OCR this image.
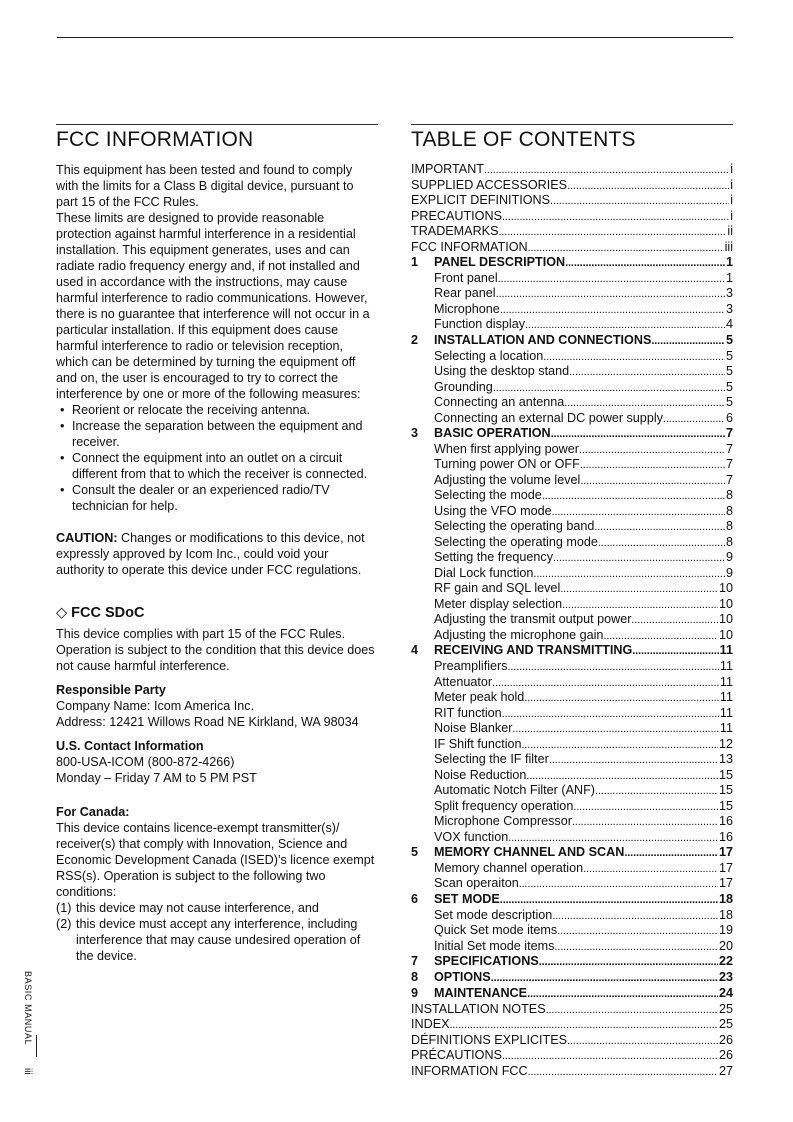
FCC INFORMATION

This equipment has been tested and found to comply with the limits for a Class B digital device, pursuant to part 15 of the FCC Rules.

These limits are designed to provide reasonable protection against harmful interference in a residential installation. This equipment generates, uses and can radiate radio frequency energy and, if not installed and used in accordance with the instructions, may cause harmful interference to radio communications. However, there is no guarantee that interference will not occur in a particular installation. If this equipment does cause harmful interference to radio or television reception, which can be determined by turning the equipment off and on, the user is encouraged to try to correct the interference by one or more of the following measures:

• Reorient or relocate the receiving antenna.
• Increase the separation between the equipment and receiver.
• Connect the equipment into an outlet on a circuit different from that to which the receiver is connected.
• Consult the dealer or an experienced radio/TV technician for help.

CAUTION: Changes or modifications to this device, not expressly approved by Icom Inc., could void your authority to operate this device under FCC regulations.

◇ FCC SDoC

This device complies with part 15 of the FCC Rules. Operation is subject to the condition that this device does not cause harmful interference.

Responsible Party

Company Name: Icom America Inc.

Address: 12421 Willows Road NE Kirkland, WA 98034

U.S. Contact Information

800-USA-ICOM (800-872-4266)

Monday – Friday 7 AM to 5 PM PST

For Canada:

This device contains licence-exempt transmitter(s)/ receiver(s) that comply with Innovation, Science and Economic Development Canada (ISED)’s licence exempt RSS(s). Operation is subject to the following two conditions:

(1) this device may not cause interference, and
(2) this device must accept any interference, including interference that may cause undesired operation of the device.
TABLE OF CONTENTS
IMPORTANT . . .	i
SUPPLIED ACCESSORIES . . .	i
EXPLICIT DEFINITIONS . . .	i
PRECAUTIONS . . .	i
TRADEMARKS . . .	ii
FCC INFORMATION . . .	iii
1	PANEL DESCRIPTION . . .	1
Front panel . . .	1
Rear panel . . .	3
Microphone . . .	3
Function display . . .	4
2	INSTALLATION AND CONNECTIONS . . .	5
Selecting a location . . .	5
Using the desktop stand . . .	5
Grounding . . .	5
Connecting an antenna . . .	5
Connecting an external DC power supply . . .	6
3	BASIC OPERATION . . .	7
When first applying power . . .	7
Turning power ON or OFF . . .	7
Adjusting the volume level . . .	7
Selecting the mode . . .	8
Using the VFO mode . . .	8
Selecting the operating band . . .	8
Selecting the operating mode . . .	8
Setting the frequency . . .	9
Dial Lock function . . .	9
RF gain and SQL level . . .	10
Meter display selection . . .	10
Adjusting the transmit output power . . .	10
Adjusting the microphone gain . . .	10
4	RECEIVING AND TRANSMITTING . . .	11
Preamplifiers . . .	11
Attenuator . . .	11
Meter peak hold . . .	11
RIT function . . .	11
Noise Blanker . . .	11
IF Shift function . . .	12
Selecting the IF filter . . .	13
Noise Reduction . . .	15
Automatic Notch Filter (ANF) . . .	15
Split frequency operation . . .	15
Microphone Compressor . . .	16
VOX function . . .	16
5	MEMORY CHANNEL AND SCAN . . .	17
Memory channel operation . . .	17
Scan operaiton . . .	17
6	SET MODE . . .	18
Set mode description . . .	18
Quick Set mode items . . .	19
Initial Set mode items . . .	20
7	SPECIFICATIONS . . .	22
8	OPTIONS . . .	23
9	MAINTENANCE . . .	24
INSTALLATION NOTES . . .	25
INDEX . . .	25
DÉFINITIONS EXPLICITES . . .	26
PRÉCAUTIONS . . .	26
INFORMATION FCC . . .	27
BASIC MANUAL
iii
